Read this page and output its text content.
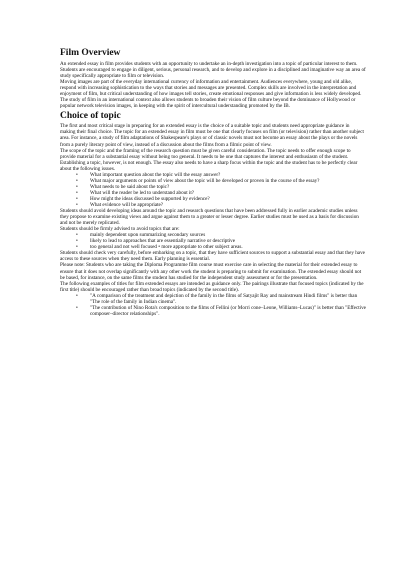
Film Overview

An extended essay in film provides students with an opportunity to undertake an in-depth investigation into a topic of particular interest to them. Students are encouraged to engage in diligent, serious, personal research, and to develop and explore in a disciplined and imaginative way an area of study specifically appropriate to film or television.

Moving images are part of the everyday international currency of information and entertainment. Audiences everywhere, young and old alike, respond with increasing sophistication to the ways that stories and messages are presented. Complex skills are involved in the interpretation and enjoyment of film, but critical understanding of how images tell stories, create emotional responses and give information is less widely developed.

The study of film in an international context also allows students to broaden their vision of film culture beyond the dominance of Hollywood or popular network television images, in keeping with the spirit of intercultural understanding promoted by the IB.

Choice of topic

The first and most critical stage in preparing for an extended essay is the choice of a suitable topic and students need appropriate guidance in making their final choice. The topic for an extended essay in film must be one that clearly focuses on film (or television) rather than another subject area. For instance, a study of film adaptations of Shakespeare's plays or of classic novels must not become an essay about the plays or the novels from a purely literary point of view, instead of a discussion about the films from a filmic point of view.

The scope of the topic and the framing of the research question must be given careful consideration. The topic needs to offer enough scope to provide material for a substantial essay without being too general. It needs to be one that captures the interest and enthusiasm of the student. Establishing a topic, however, is not enough. The essay also needs to have a sharp focus within the topic and the student has to be perfectly clear about the following issues.

• What important question about the topic will the essay answer?
• What major arguments or points of view about the topic will be developed or proven in the course of the essay?
• What needs to be said about the topic?
• What will the reader be led to understand about it?
• How might the ideas discussed be supported by evidence?
• What evidence will be appropriate?

Students should avoid developing ideas around the topic and research questions that have been addressed fully in earlier academic studies unless they propose to examine existing views and argue against them to a greater or lesser degree. Earlier studies must be used as a basis for discussion and not be merely replicated.

Students should be firmly advised to avoid topics that are:

• mainly dependent upon summarizing secondary sources
• likely to lead to approaches that are essentially narrative or descriptive
• too general and not well focused • more appropriate to other subject areas.

Students should check very carefully, before embarking on a topic, that they have sufficient sources to support a substantial essay and that they have access to these sources when they need them. Early planning is essential.

Please note: Students who are taking the Diploma Programme film course must exercise care in selecting the material for their extended essay to ensure that it does not overlap significantly with any other work the student is preparing to submit for examination. The extended essay should not be based, for instance, on the same films the student has studied for the independent study assessment or for the presentation.

The following examples of titles for film extended essays are intended as guidance only. The pairings illustrate that focused topics (indicated by the first title) should be encouraged rather than broad topics (indicated by the second title).

• "A comparison of the treatment and depiction of the family in the films of Satyajit Ray and mainstream Hindi films" is better than "The role of the family in Indian cinema".
• "The contribution of Nino Rota's composition to the films of Fellini (or Morri cone–Leone, Williams–Lucas)" is better than "Effective composer–director relationships".
